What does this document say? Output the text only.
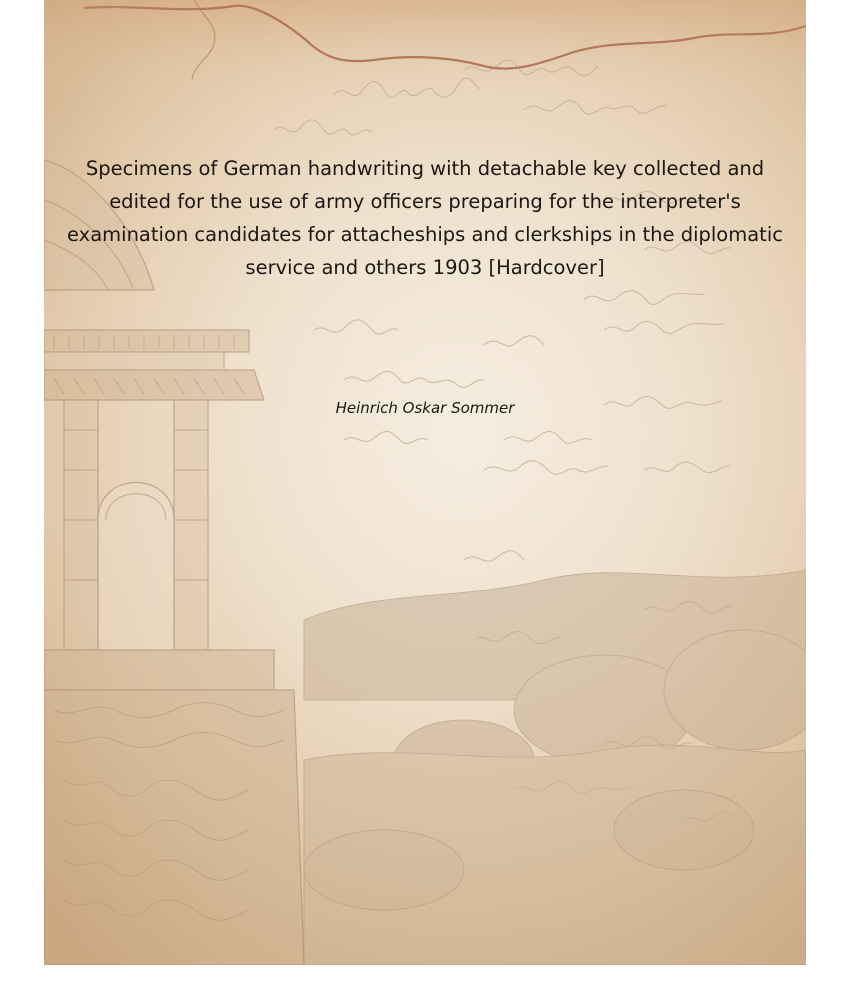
Specimens of German handwriting with detachable key collected and edited for the use of army officers preparing for the interpreter's examination candidates for attacheships and clerkships in the diplomatic service and others 1903 [Hardcover]

Heinrich Oskar Sommer
